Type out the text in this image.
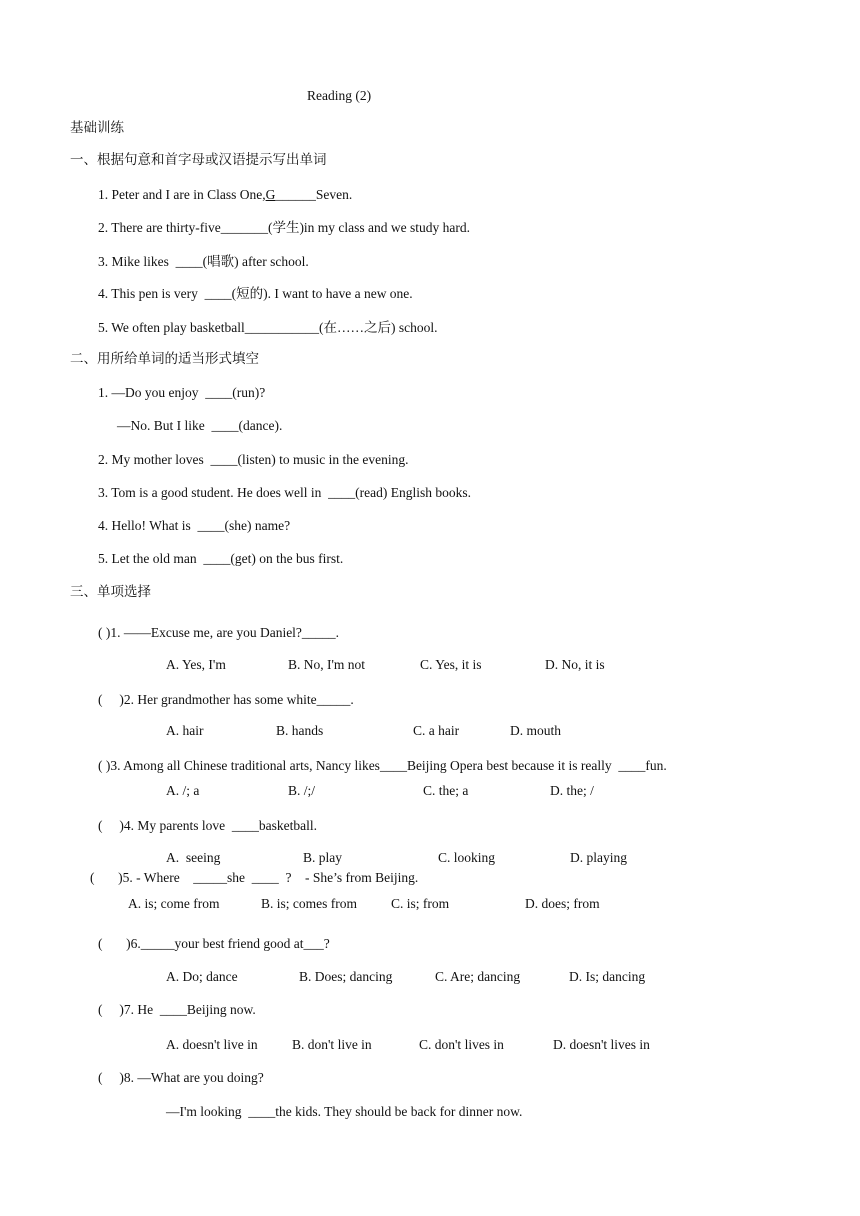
Reading (2)
基础训练
一、根据句意和首字母或汉语提示写出单词
1. Peter and I are in Class One,G______Seven.
2. There are thirty-five_______(学生)in my class and we study hard.
3. Mike likes  ____(唱歌) after school.
4. This pen is very  ____(短的). I want to have a new one.
5. We often play basketball___________(在……之后) school.
二、用所给单词的适当形式填空
1. —Do you enjoy  ____(run)?
—No. But I like  ____(dance).
2. My mother loves  ____(listen) to music in the evening.
3. Tom is a good student. He does well in  ____(read) English books.
4. Hello! What is  ____(she) name?
5. Let the old man  ____(get) on the bus first.
三、单项选择
( )1. ——Excuse me, are you Daniel?_____.
A. Yes, I'm	B. No, I'm not	C. Yes, it is	D. No, it is
(     )2. Her grandmother has some white_____.
A. hair	B. hands	C. a hair	D. mouth
( )3. Among all Chinese traditional arts, Nancy likes____Beijing Opera best because it is really  ____fun.
A. /; a	B. /;/	C. the; a	D. the; /
(     )4. My parents love  ____basketball.
A.  seeing	B. play	C. looking	D. playing
(       )5. - Where    _____she  ____  ?    - She’s from Beijing.
A. is; come from	B. is; comes from	C. is; from	D. does; from
(       )6._____your best friend good at___?
A. Do; dance	B. Does; dancing	C. Are; dancing	D. Is; dancing
(     )7. He  ____Beijing now.
A. doesn't live in	B. don't live in	C. don't lives in	D. doesn't lives in
(     )8. —What are you doing?
—I'm looking  ____the kids. They should be back for dinner now.
